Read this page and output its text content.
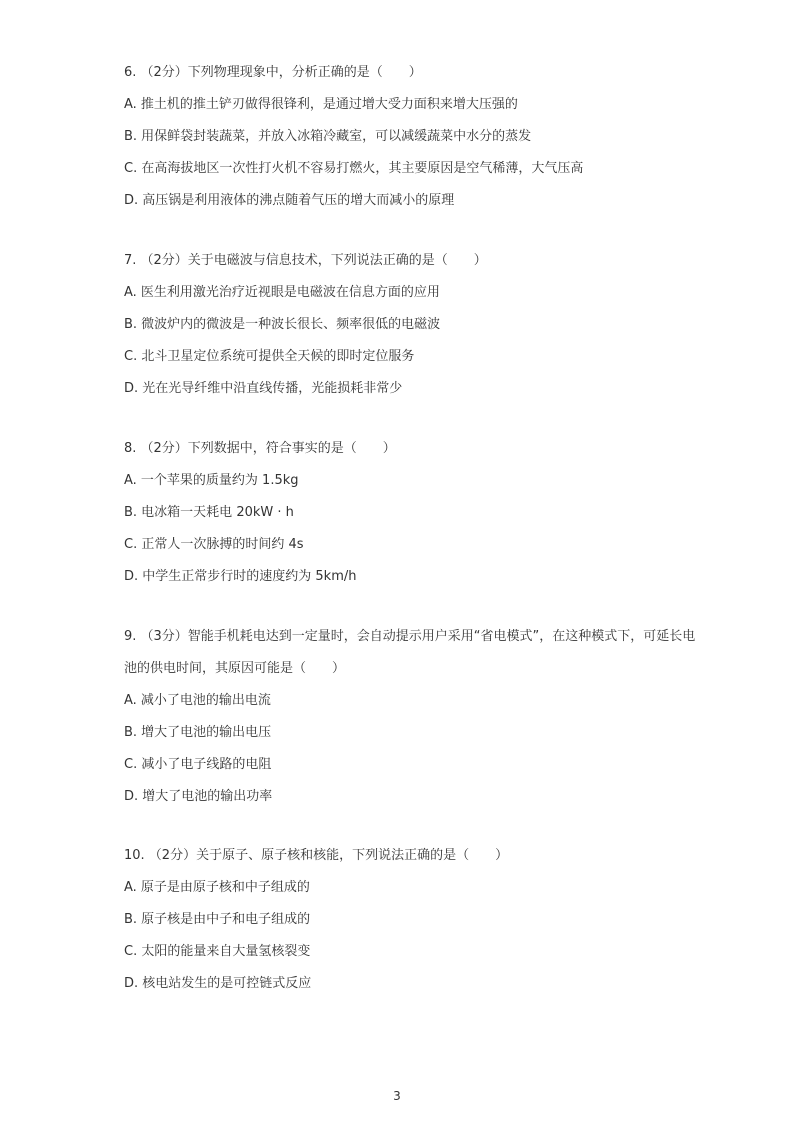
6. （2分）下列物理现象中，分析正确的是（　　）
A. 推土机的推土铲刃做得很锋利，是通过增大受力面积来增大压强的
B. 用保鲜袋封装蔬菜，并放入冰箱冷藏室，可以减缓蔬菜中水分的蒸发
C. 在高海拔地区一次性打火机不容易打燃火，其主要原因是空气稀薄，大气压高
D. 高压锅是利用液体的沸点随着气压的增大而减小的原理
7. （2分）关于电磁波与信息技术，下列说法正确的是（　　）
A. 医生利用激光治疗近视眼是电磁波在信息方面的应用
B. 微波炉内的微波是一种波长很长、频率很低的电磁波
C. 北斗卫星定位系统可提供全天候的即时定位服务
D. 光在光导纤维中沿直线传播，光能损耗非常少
8. （2分）下列数据中，符合事实的是（　　）
A. 一个苹果的质量约为 1.5kg
B. 电冰箱一天耗电 20kW · h
C. 正常人一次脉搏的时间约 4s
D. 中学生正常步行时的速度约为 5km/h
9. （3分）智能手机耗电达到一定量时，会自动提示用户采用“省电模式”，在这种模式下，可延长电
池的供电时间，其原因可能是（　　）
A. 减小了电池的输出电流
B. 增大了电池的输出电压
C. 减小了电子线路的电阻
D. 增大了电池的输出功率
10. （2分）关于原子、原子核和核能，下列说法正确的是（　　）
A. 原子是由原子核和中子组成的
B. 原子核是由中子和电子组成的
C. 太阳的能量来自大量氢核裂变
D. 核电站发生的是可控链式反应
3
